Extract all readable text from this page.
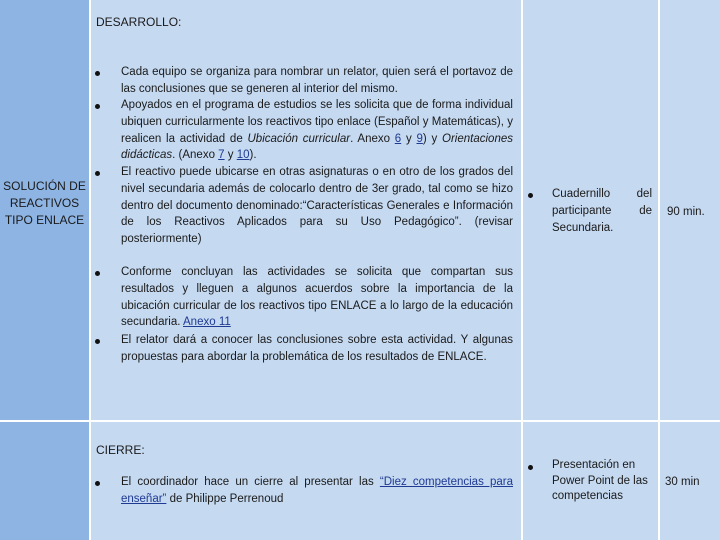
SOLUCIÓN DE REACTIVOS TIPO ENLACE
DESARROLLO:
Cada equipo se organiza para nombrar un relator, quien será el portavoz de las conclusiones que se generen al interior del mismo.
Apoyados en el programa de estudios se les solicita que de forma individual ubiquen curricularmente los reactivos tipo enlace (Español y Matemáticas), y realicen la actividad de Ubicación curricular. Anexo 6 y 9) y Orientaciones didácticas. (Anexo 7 y 10).
El reactivo puede ubicarse en otras asignaturas o en otro de los grados del nivel secundaria además de colocarlo dentro de 3er grado, tal como se hizo dentro del documento denominado:“Características Generales e Información de los Reactivos Aplicados para su Uso Pedagógico”. (revisar posteriormente)
Conforme concluyan las actividades se solicita que compartan sus resultados y lleguen a algunos acuerdos sobre la importancia de la ubicación curricular de los reactivos tipo ENLACE a lo largo de la educación secundaria. Anexo 11
El relator dará a conocer las conclusiones sobre esta actividad. Y algunas propuestas para abordar la problemática de los resultados de ENLACE.
Cuadernillo del participante de Secundaria.
90 min.
CIERRE:
El coordinador hace un cierre al presentar las “Diez competencias para enseñar” de Philippe Perrenoud
Presentación en Power Point de las competencias
30 min
